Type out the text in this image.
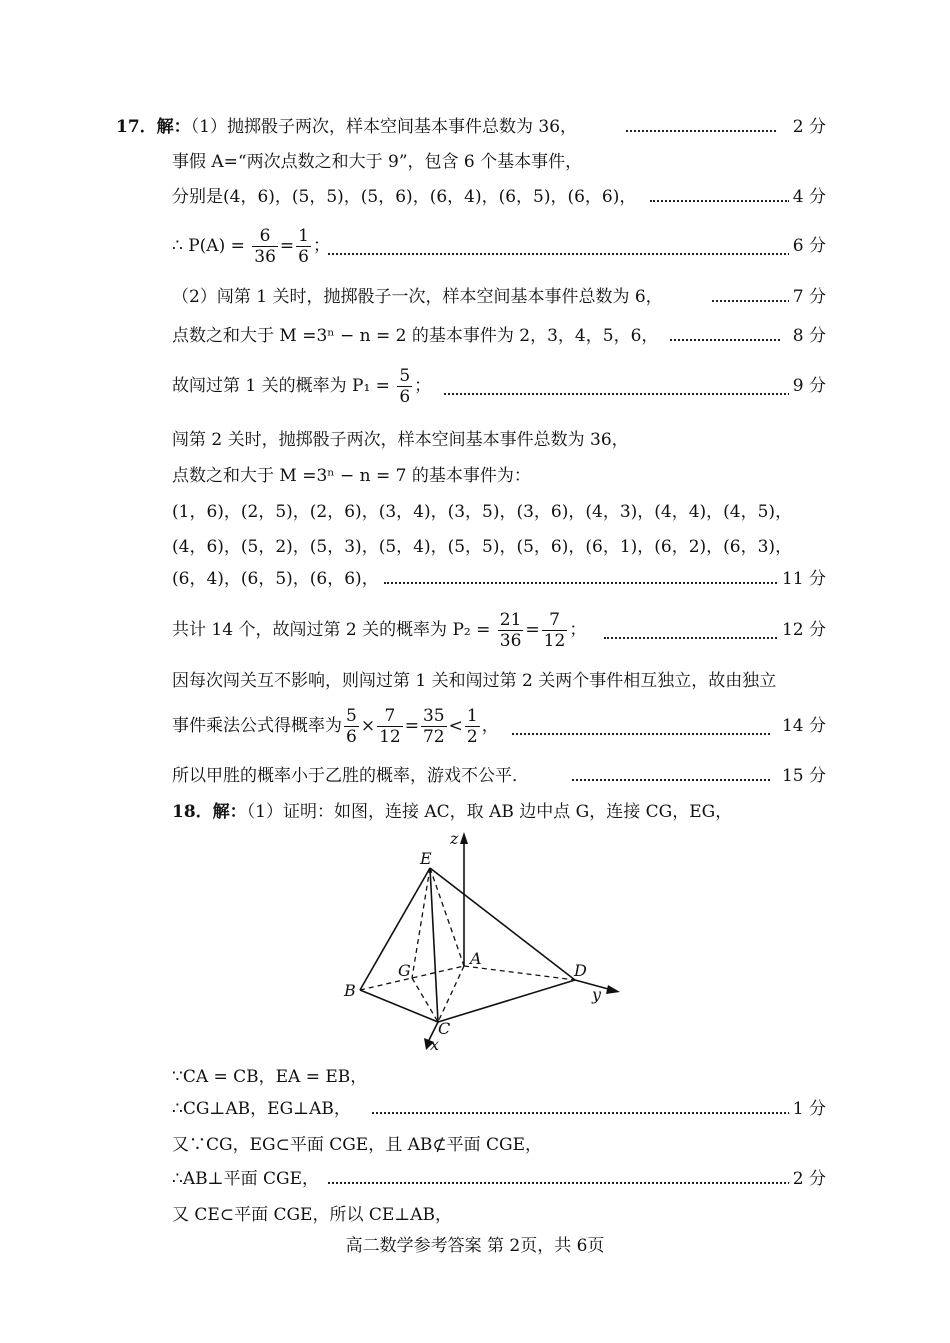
17．解：（1）抛掷骰子两次，样本空间基本事件总数为 36，	2 分
事假 A=“两次点数之和大于 9”，包含 6 个基本事件，
分别是(4，6)，(5，5)，(5，6)，(6，4)，(6，5)，(6，6)，	4 分
∴ $P(A) = \frac{6}{36} = \frac{1}{6}$ ；	6 分
（2）闯第 1 关时，抛掷骰子一次，样本空间基本事件总数为 6，	7 分
点数之和大于 M =3ⁿ − n = 2 的基本事件为 2，3，4，5，6，	8 分
故闯过第 1 关的概率为 $P_1 = \frac{5}{6}$ ；	9 分
闯第 2 关时，抛掷骰子两次，样本空间基本事件总数为 36，
点数之和大于 M =3ⁿ − n = 7 的基本事件为：
(1，6)，(2，5)，(2，6)，(3，4)，(3，5)，(3，6)，(4，3)，(4，4)，(4，5)，
(4，6)，(5，2)，(5，3)，(5，4)，(5，5)，(5，6)，(6，1)，(6，2)，(6，3)，
(6，4)，(6，5)，(6，6)，	11 分
共计 14 个，故闯过第 2 关的概率为 $P_2 = \frac{21}{36} = \frac{7}{12}$ ；	12 分
因每次闯关互不影响，则闯过第 1 关和闯过第 2 关两个事件相互独立，故由独立
事件乘法公式得概率为 $\frac{5}{6} \times \frac{7}{12} = \frac{35}{72} < \frac{1}{2}$ ，	14 分
所以甲胜的概率小于乙胜的概率，游戏不公平．	15 分
18．解：（1）证明：如图，连接 AC，取 AB 边中点 G，连接 CG，EG，
E
z
G
A
D
y
B
C
x
∵CA = CB，EA = EB，
∴CG⊥AB，EG⊥AB，	1 分
又∵CG，EG⊂平面 CGE，且 AB⊄平面 CGE，
∴AB⊥平面 CGE，	2 分
又 CE⊂平面 CGE，所以 CE⊥AB，
高二数学参考答案 第 2页，共 6页
